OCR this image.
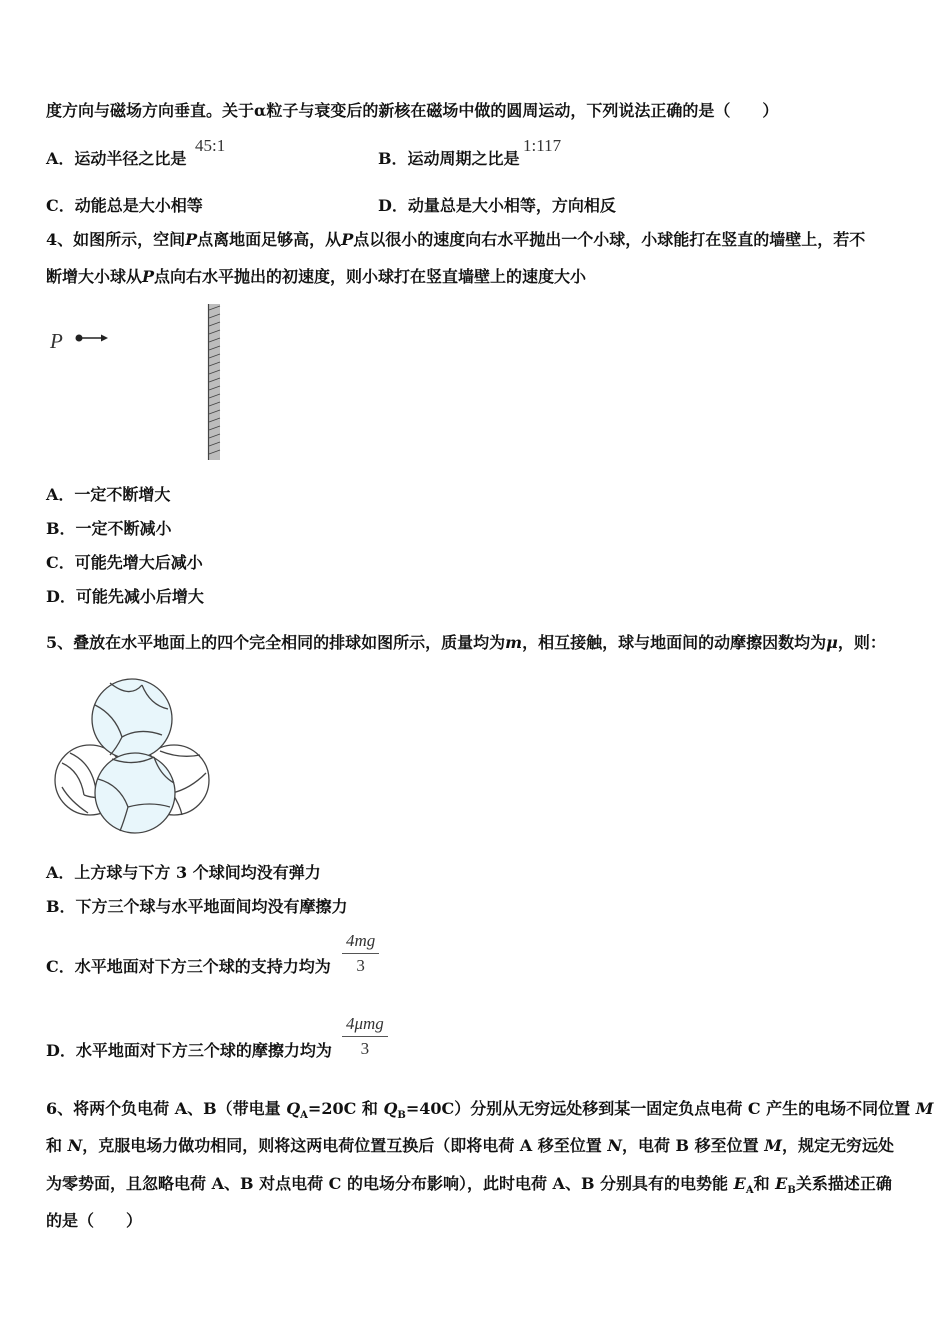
度方向与磁场方向垂直。关于α粒子与衰变后的新核在磁场中做的圆周运动，下列说法正确的是（　　）
A．运动半径之比是
45:1
B．运动周期之比是
1:117
C．动能总是大小相等	D．动量总是大小相等，方向相反
4、如图所示，空间P点离地面足够高，从P点以很小的速度向右水平抛出一个小球，小球能打在竖直的墙壁上，若不
断增大小球从P点向右水平抛出的初速度，则小球打在竖直墙壁上的速度大小
P
A．一定不断增大
B．一定不断减小
C．可能先增大后减小
D．可能先减小后增大
5、叠放在水平地面上的四个完全相同的排球如图所示，质量均为m，相互接触，球与地面间的动摩擦因数均为μ，则：
A．上方球与下方 3 个球间均没有弹力
B．下方三个球与水平地面间均没有摩擦力
C．水平地面对下方三个球的支持力均为 $\frac{4mg}{3}$
D．水平地面对下方三个球的摩擦力均为
4μmg
3
6、将两个负电荷 A、B（带电量 $Q_A=20C$ 和 $Q_B=40C$）分别从无穷远处移到某一固定负点电荷 C 产生的电场不同位置 M
和 N，克服电场力做功相同，则将这两电荷位置互换后（即将电荷 A 移至位置 N，电荷 B 移至位置 M，规定无穷远处
为零势面，且忽略电荷 A、B 对点电荷 C 的电场分布影响），此时电荷 A、B 分别具有的电势能 $E_A$和 $E_B$关系描述正确
的是（　　）
